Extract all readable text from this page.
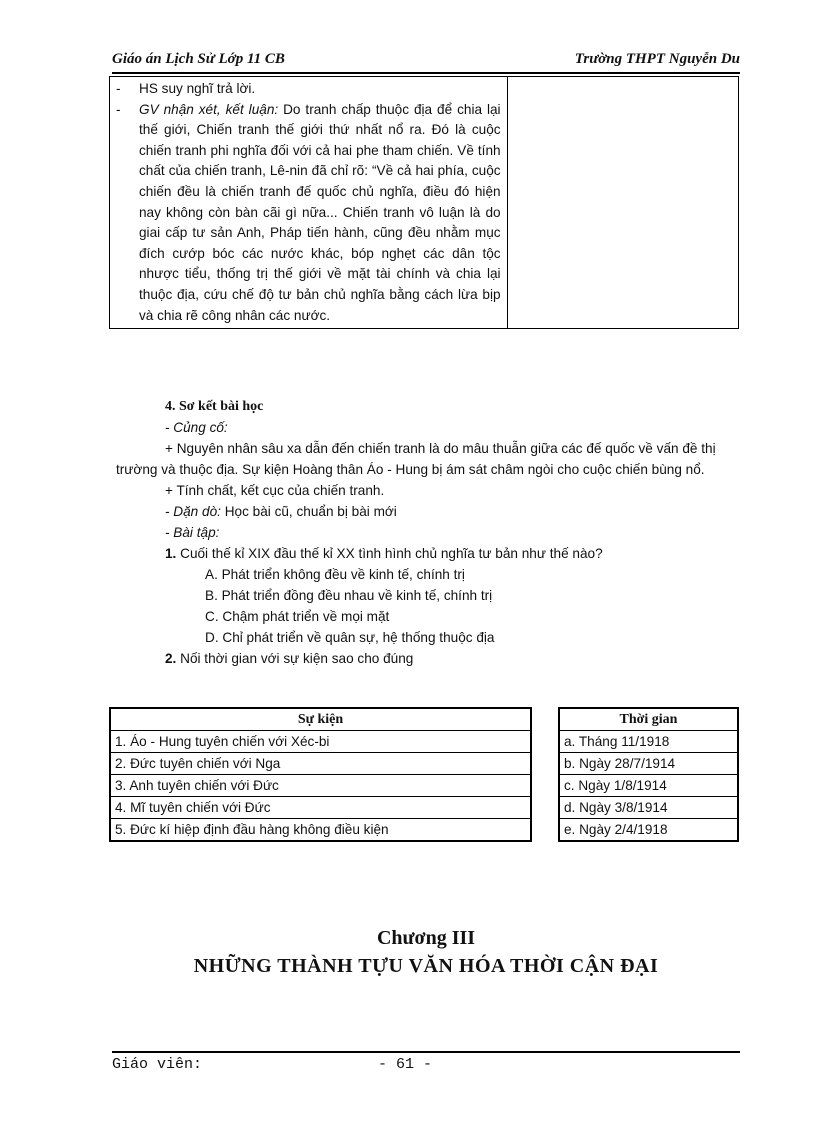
Giáo án Lịch Sử Lớp 11 CB	Trường THPT Nguyễn Du
- HS suy nghĩ trả lời.
- GV nhận xét, kết luận: Do tranh chấp thuộc địa để chia lại thế giới, Chiến tranh thế giới thứ nhất nổ ra. Đó là cuộc chiến tranh phi nghĩa đối với cả hai phe tham chiến. Về tính chất của chiến tranh, Lê-nin đã chỉ rõ: “Về cả hai phía, cuộc chiến đều là chiến tranh đế quốc chủ nghĩa, điều đó hiện nay không còn bàn cãi gì nữa... Chiến tranh vô luận là do giai cấp tư sản Anh, Pháp tiến hành, cũng đều nhằm mục đích cướp bóc các nước khác, bóp nghẹt các dân tộc nhược tiểu, thống trị thế giới về mặt tài chính và chia lại thuộc địa, cứu chế độ tư bản chủ nghĩa bằng cách lừa bịp và chia rẽ công nhân các nước.

4. Sơ kết bài học

- Củng cố:

+ Nguyên nhân sâu xa dẫn đến chiến tranh là do mâu thuẫn giữa các đế quốc về vấn đề thị trường và thuộc địa. Sự kiện Hoàng thân Áo - Hung bị ám sát châm ngòi cho cuộc chiến bùng nổ.

+ Tính chất, kết cục của chiến tranh.

- Dặn dò: Học bài cũ, chuẩn bị bài mới

- Bài tập:

1. Cuối thế kỉ XIX đầu thế kỉ XX tình hình chủ nghĩa tư bản như thế nào?

A. Phát triển không đều về kinh tế, chính trị

B. Phát triển đồng đều nhau về kinh tế, chính trị

C. Chậm phát triển về mọi mặt

D. Chỉ phát triển về quân sự, hệ thống thuộc địa

2. Nối thời gian với sự kiện sao cho đúng

Sự kiện
1. Áo - Hung tuyên chiến với Xéc-bi
2. Đức tuyên chiến với Nga
3. Anh tuyên chiến với Đức
4. Mĩ tuyên chiến với Đức
5. Đức kí hiệp định đầu hàng không điều kiện
Thời gian
a. Tháng 11/1918
b. Ngày 28/7/1914
c. Ngày 1/8/1914
d. Ngày 3/8/1914
e. Ngày 2/4/1918
Chương III
NHỮNG THÀNH TỰU VĂN HÓA THỜI CẬN ĐẠI
Giáo viên:	- 61 -
